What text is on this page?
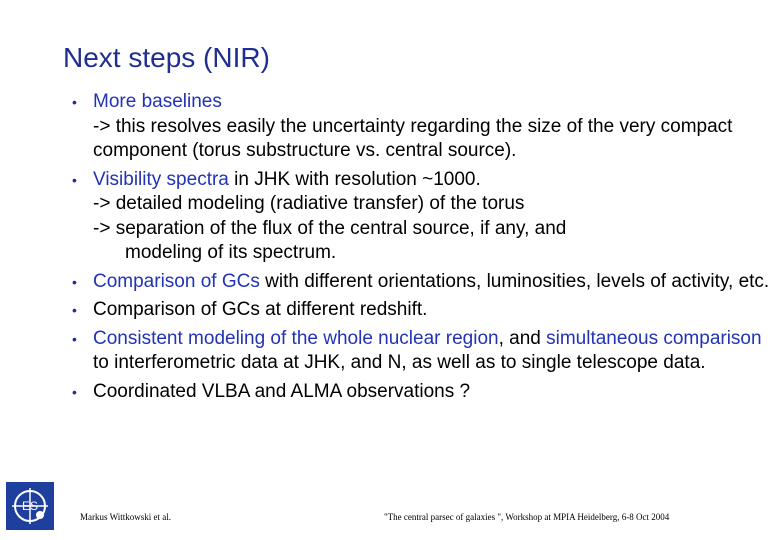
Next steps (NIR)
• More baselines
-> this resolves easily the uncertainty regarding the size of the very compact component (torus substructure vs. central source).
• Visibility spectra in JHK with resolution ~1000.
-> detailed modeling (radiative transfer) of the torus
-> separation of the flux of the central source, if any, and
modeling of its spectrum.
• Comparison of GCs with different orientations, luminosities, levels of activity, etc.
• Comparison of GCs at different redshift.
• Consistent modeling of the whole nuclear region, and simultaneous comparison to interferometric data at JHK, and N, as well as to single telescope data.
• Coordinated VLBA and ALMA observations ?
ES
Markus Wittkowski et al.	"The central parsec of galaxies ", Workshop at MPIA Heidelberg, 6-8 Oct 2004
